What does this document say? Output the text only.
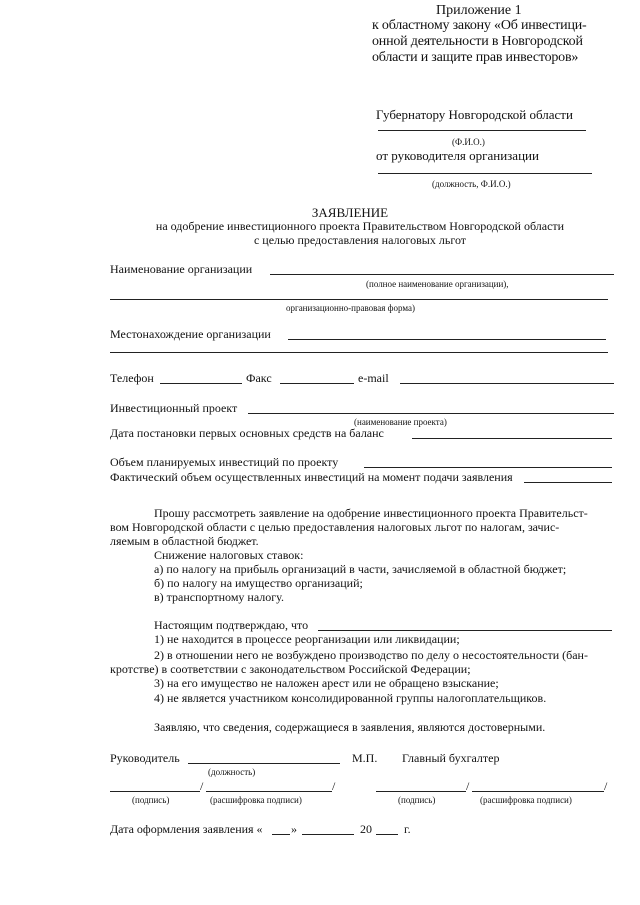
Приложение 1
к областному закону «Об инвестици-
онной деятельности в Новгородской
области и защите прав инвесторов»
Губернатору Новгородской области
(Ф.И.О.)
от руководителя организации
(должность, Ф.И.О.)
ЗАЯВЛЕНИЕ
на одобрение инвестиционного проекта Правительством Новгородской области
с целью предоставления налоговых льгот
Наименование организации
(полное наименование организации),
организационно-правовая форма)
Местонахождение организации
Телефон	Факс	e-mail
Инвестиционный проект
(наименование проекта)
Дата постановки первых основных средств на баланс
Объем планируемых инвестиций по проекту
Фактический объем осуществленных инвестиций на момент подачи заявления
Прошу рассмотреть заявление на одобрение инвестиционного проекта Правительст-
вом Новгородской области с целью предоставления налоговых льгот по налогам, зачис-
ляемым в областной бюджет.
Снижение налоговых ставок:
а) по налогу на прибыль организаций в части, зачисляемой в областной бюджет;
б) по налогу на имущество организаций;
в) транспортному налогу.
Настоящим подтверждаю, что
1) не находится в процессе реорганизации или ликвидации;
2) в отношении него не возбуждено производство по делу о несостоятельности (бан-
кротстве) в соответствии с законодательством Российской Федерации;
3) на его имущество не наложен арест или не обращено взыскание;
4) не является участником консолидированной группы налогоплательщиков.
Заявляю, что сведения, содержащиеся в заявления, являются достоверными.
Руководитель
(должность)
М.П. Главный бухгалтер
/	/
(подпись)	(расшифровка подписи)
/	/
(подпись)	(расшифровка подписи)
Дата оформления заявления « »	20	г.
